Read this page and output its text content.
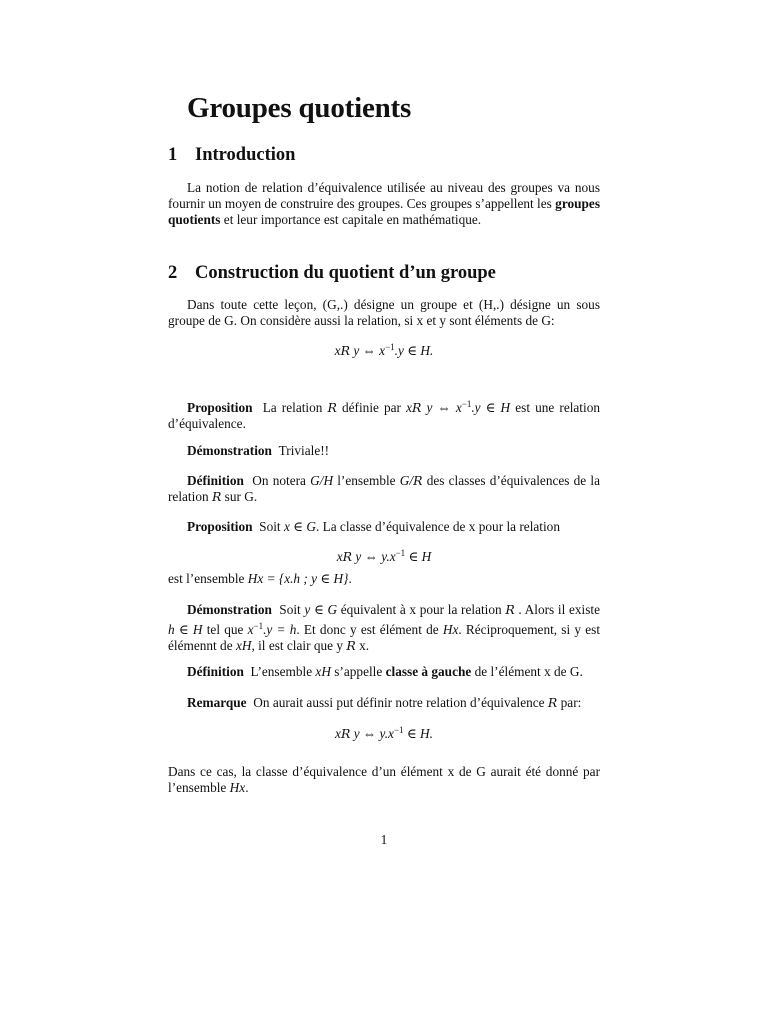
Groupes quotients
1 Introduction

La notion de relation d’équivalence utilisée au niveau des groupes va nous fournir un moyen de construire des groupes. Ces groupes s’appellent les groupes quotients et leur importance est capitale en mathématique.

2 Construction du quotient d’un groupe

Dans toute cette leçon, (G,.) désigne un groupe et (H,.) désigne un sous groupe de G. On considère aussi la relation, si x et y sont éléments de G:

xR y ⇔ $x^{-1}.y$ ∈ H.

Proposition La relation R définie par xR y ⇔ $x^{-1}.y$ ∈ H est une relation d’équivalence.

Démonstration Triviale!!

Définition On notera G/H l’ensemble G/R des classes d’équivalences de la relation R sur G.

Proposition Soit x ∈ G. La classe d’équivalence de x pour la relation

xR y ⇔ $y.x^{-1}$ ∈ H

est l’ensemble Hx = {x.h ; y ∈ H}.

Démonstration Soit y ∈ G équivalent à x pour la relation R . Alors il existe h ∈ H tel que $x^{-1}.y = h$. Et donc y est élément de Hx. Réciproquement, si y est élémennt de xH, il est clair que y R x.

Définition L’ensemble xH s’appelle classe à gauche de l’élément x de G.

Remarque On aurait aussi put définir notre relation d’équivalence R par:

xR y ⇔ $y.x^{-1}$ ∈ H.

Dans ce cas, la classe d’équivalence d’un élément x de G aurait été donné par l’ensemble Hx.

1
